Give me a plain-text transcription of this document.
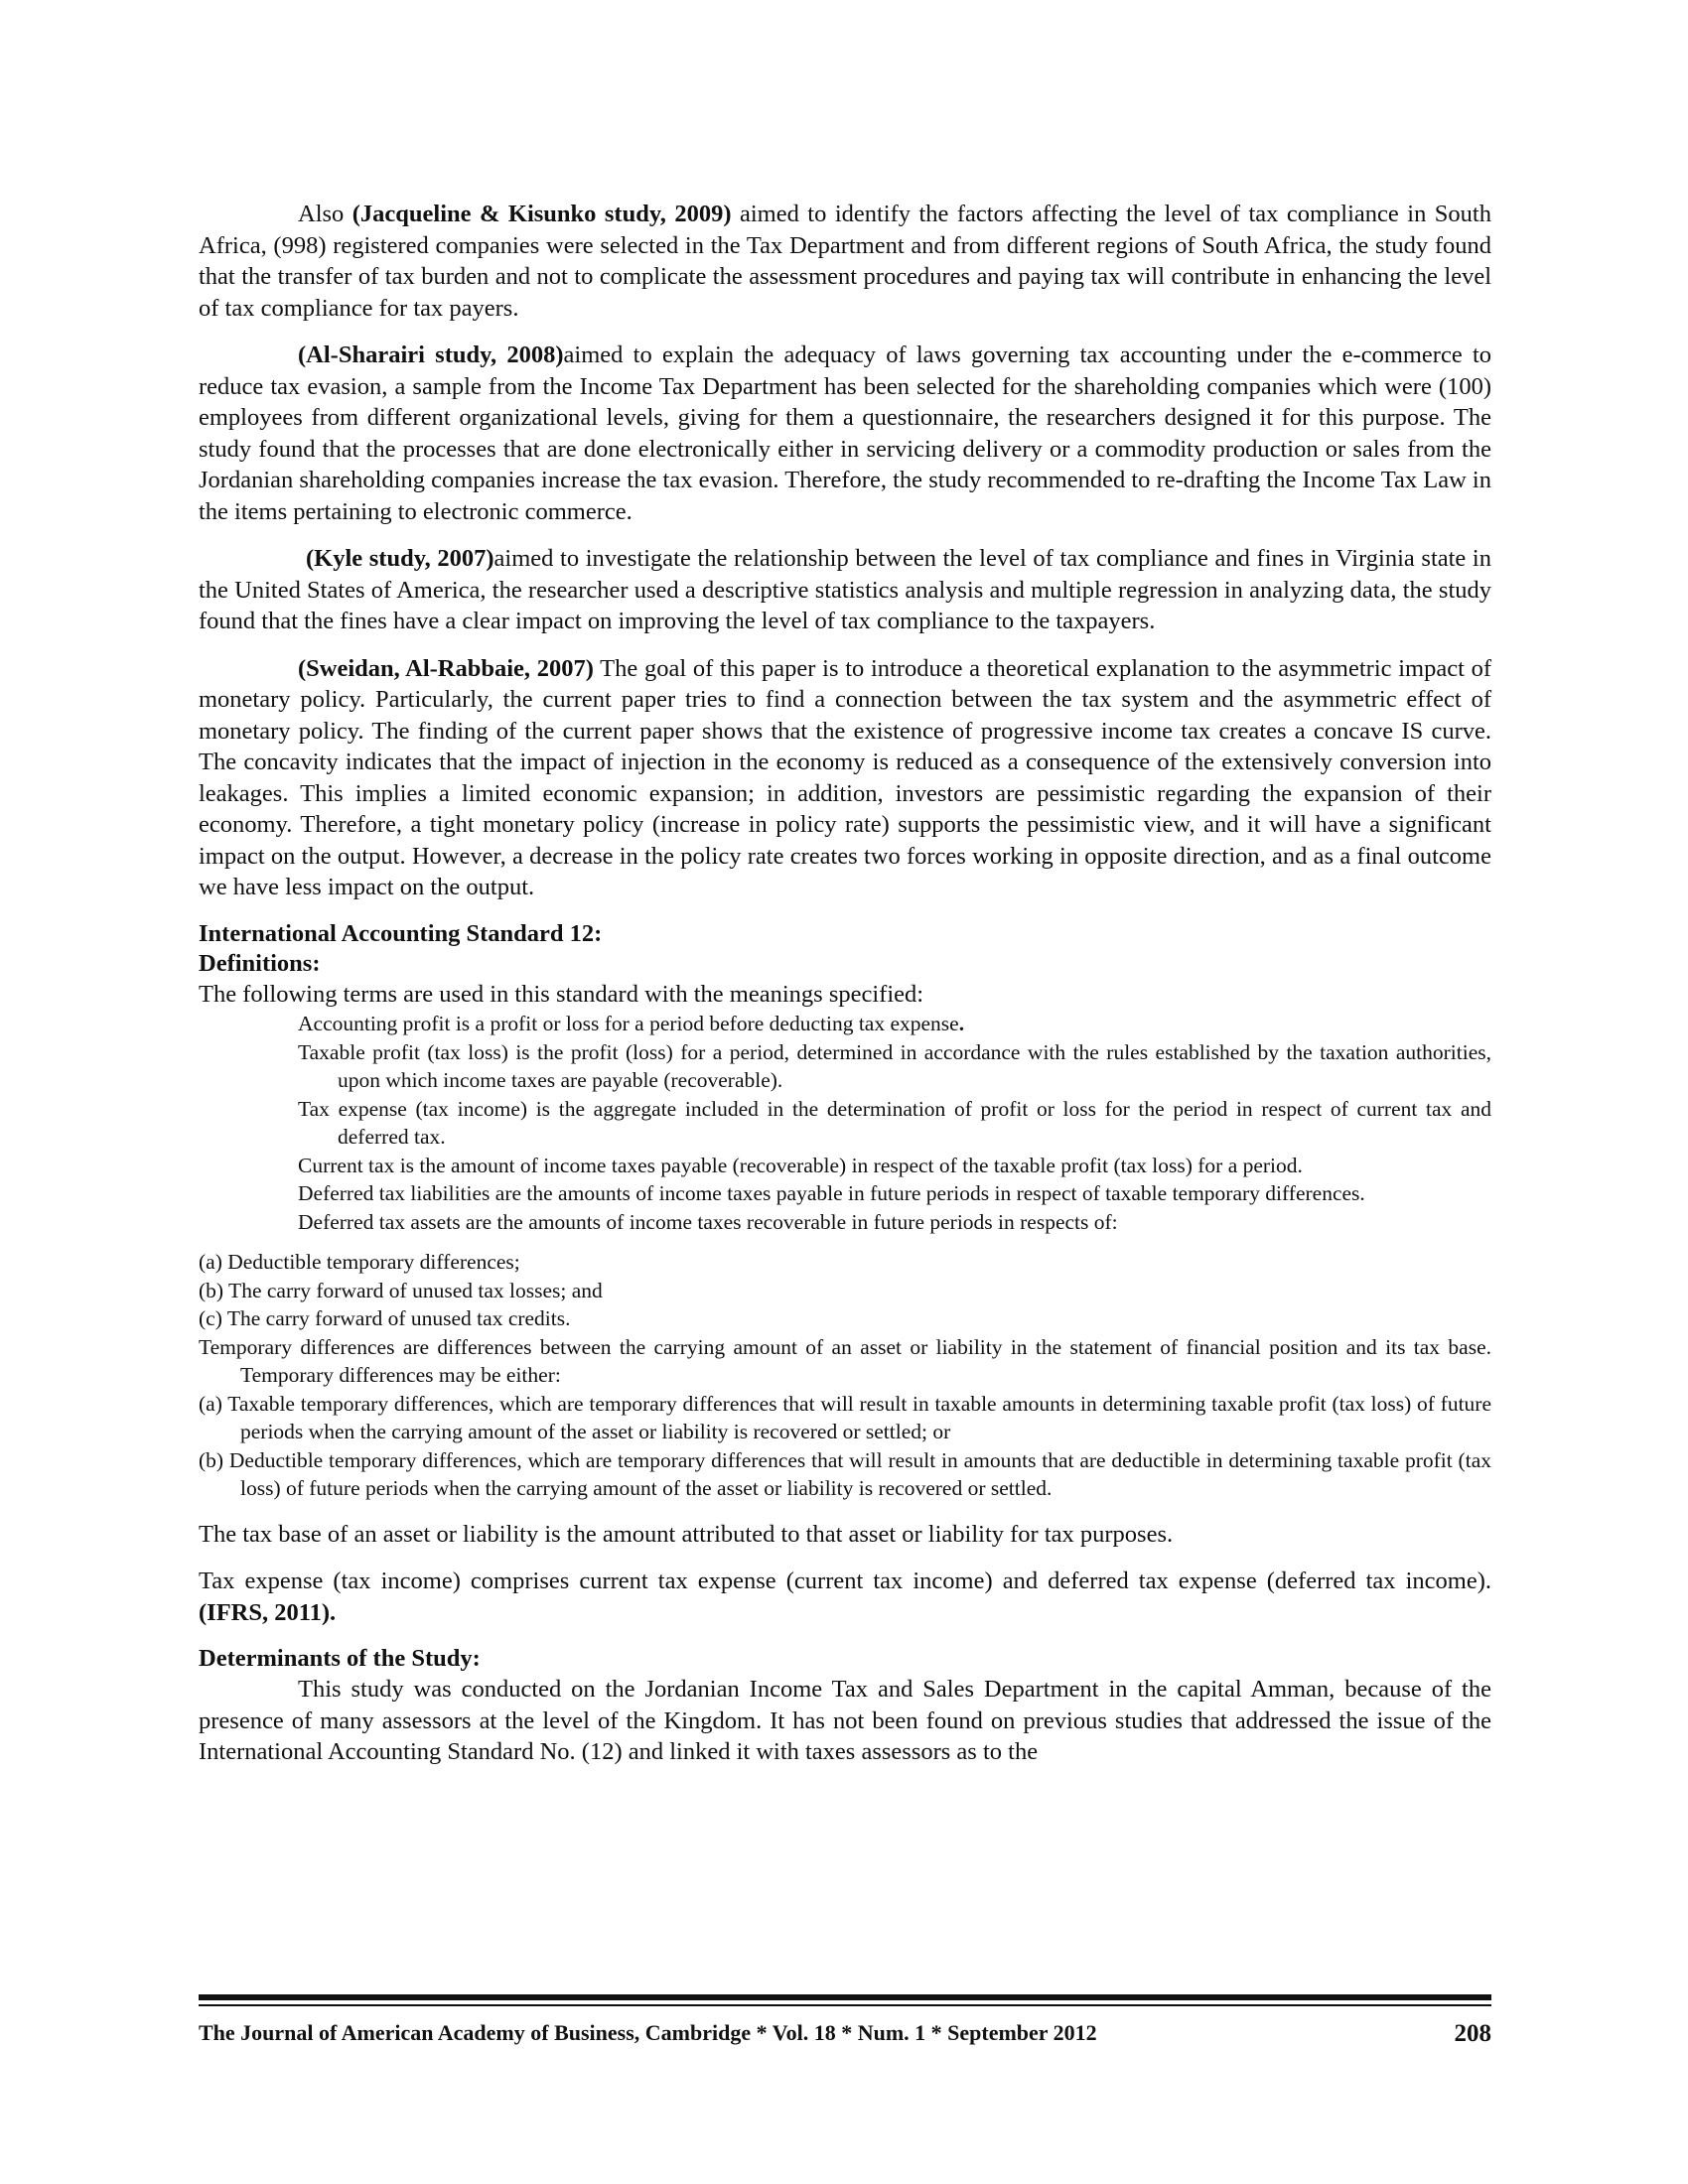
Also (Jacqueline & Kisunko study, 2009) aimed to identify the factors affecting the level of tax compliance in South Africa, (998) registered companies were selected in the Tax Department and from different regions of South Africa, the study found that the transfer of tax burden and not to complicate the assessment procedures and paying tax will contribute in enhancing the level of tax compliance for tax payers.

(Al-Sharairi study, 2008)aimed to explain the adequacy of laws governing tax accounting under the e-commerce to reduce tax evasion, a sample from the Income Tax Department has been selected for the shareholding companies which were (100) employees from different organizational levels, giving for them a questionnaire, the researchers designed it for this purpose. The study found that the processes that are done electronically either in servicing delivery or a commodity production or sales from the Jordanian shareholding companies increase the tax evasion. Therefore, the study recommended to re-drafting the Income Tax Law in the items pertaining to electronic commerce.

(Kyle study, 2007)aimed to investigate the relationship between the level of tax compliance and fines in Virginia state in the United States of America, the researcher used a descriptive statistics analysis and multiple regression in analyzing data, the study found that the fines have a clear impact on improving the level of tax compliance to the taxpayers.

(Sweidan, Al-Rabbaie, 2007) The goal of this paper is to introduce a theoretical explanation to the asymmetric impact of monetary policy. Particularly, the current paper tries to find a connection between the tax system and the asymmetric effect of monetary policy. The finding of the current paper shows that the existence of progressive income tax creates a concave IS curve. The concavity indicates that the impact of injection in the economy is reduced as a consequence of the extensively conversion into leakages. This implies a limited economic expansion; in addition, investors are pessimistic regarding the expansion of their economy. Therefore, a tight monetary policy (increase in policy rate) supports the pessimistic view, and it will have a significant impact on the output. However, a decrease in the policy rate creates two forces working in opposite direction, and as a final outcome we have less impact on the output.

International Accounting Standard 12:
Definitions:

The following terms are used in this standard with the meanings specified:

Accounting profit is a profit or loss for a period before deducting tax expense.

Taxable profit (tax loss) is the profit (loss) for a period, determined in accordance with the rules established by the taxation authorities, upon which income taxes are payable (recoverable).

Tax expense (tax income) is the aggregate included in the determination of profit or loss for the period in respect of current tax and deferred tax.

Current tax is the amount of income taxes payable (recoverable) in respect of the taxable profit (tax loss) for a period.

Deferred tax liabilities are the amounts of income taxes payable in future periods in respect of taxable temporary differences.

Deferred tax assets are the amounts of income taxes recoverable in future periods in respects of:

(a) Deductible temporary differences;

(b) The carry forward of unused tax losses; and

(c) The carry forward of unused tax credits.

Temporary differences are differences between the carrying amount of an asset or liability in the statement of financial position and its tax base. Temporary differences may be either:

(a) Taxable temporary differences, which are temporary differences that will result in taxable amounts in determining taxable profit (tax loss) of future periods when the carrying amount of the asset or liability is recovered or settled; or

(b) Deductible temporary differences, which are temporary differences that will result in amounts that are deductible in determining taxable profit (tax loss) of future periods when the carrying amount of the asset or liability is recovered or settled.

The tax base of an asset or liability is the amount attributed to that asset or liability for tax purposes.

Tax expense (tax income) comprises current tax expense (current tax income) and deferred tax expense (deferred tax income). (IFRS, 2011).

Determinants of the Study:

This study was conducted on the Jordanian Income Tax and Sales Department in the capital Amman, because of the presence of many assessors at the level of the Kingdom. It has not been found on previous studies that addressed the issue of the International Accounting Standard No. (12) and linked it with taxes assessors as to the

The Journal of American Academy of Business, Cambridge * Vol. 18 * Num. 1 * September 2012	208
